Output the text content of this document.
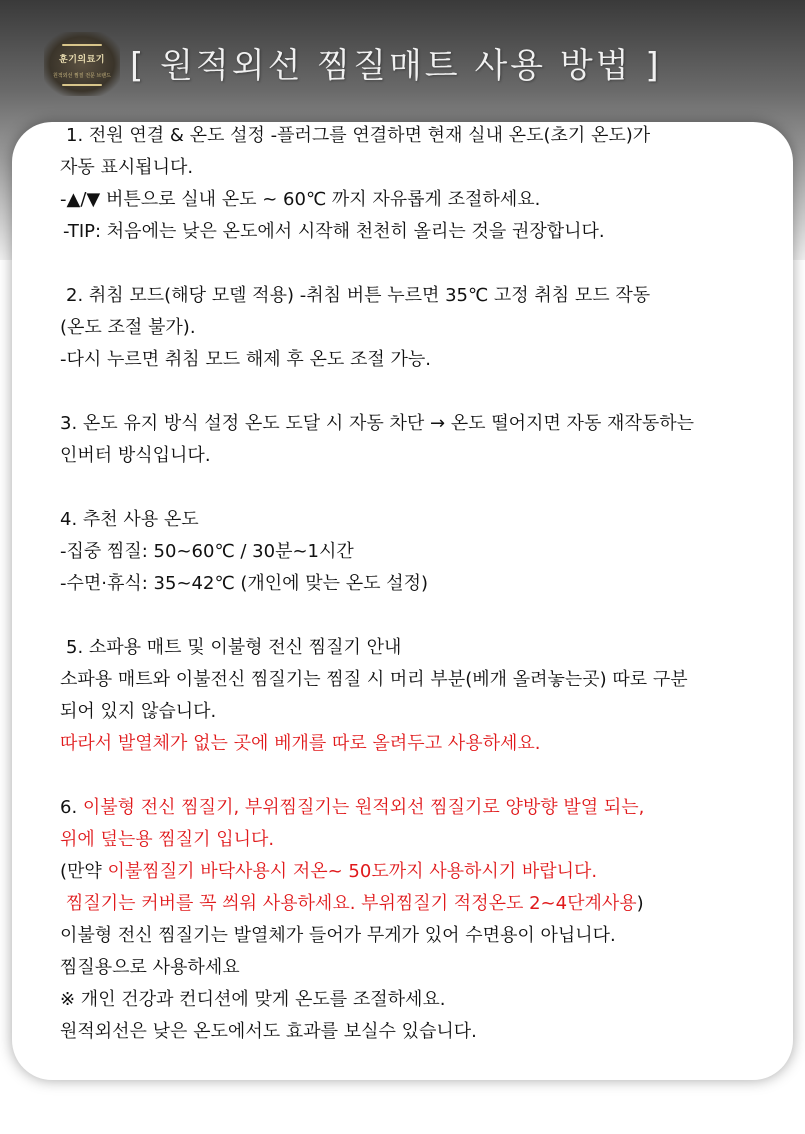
훈기의료기
원적외선 찜질 전문 브랜드 [ 원적외선 찜질매트 사용 방법 ]
1. 전원 연결 & 온도 설정 -플러그를 연결하면 현재 실내 온도(초기 온도)가
자동 표시됩니다.
-▲/▼ 버튼으로 실내 온도 ~ 60℃ 까지 자유롭게 조절하세요.
-TIP: 처음에는 낮은 온도에서 시작해 천천히 올리는 것을 권장합니다.
2. 취침 모드(해당 모델 적용) -취침 버튼 누르면 35℃ 고정 취침 모드 작동
(온도 조절 불가).
-다시 누르면 취침 모드 해제 후 온도 조절 가능.
3. 온도 유지 방식 설정 온도 도달 시 자동 차단 → 온도 떨어지면 자동 재작동하는
인버터 방식입니다.
4. 추천 사용 온도
-집중 찜질: 50~60℃ / 30분~1시간
-수면·휴식: 35~42℃ (개인에 맞는 온도 설정)
5. 소파용 매트 및 이불형 전신 찜질기 안내
소파용 매트와 이불전신 찜질기는 찜질 시 머리 부분(베개 올려놓는곳) 따로 구분
되어 있지 않습니다.
따라서 발열체가 없는 곳에 베개를 따로 올려두고 사용하세요.
6. 이불형 전신 찜질기, 부위찜질기는 원적외선 찜질기로 양방향 발열 되는,
위에 덮는용 찜질기 입니다.
(만약 이불찜질기 바닥사용시 저온~ 50도까지 사용하시기 바랍니다.
찜질기는 커버를 꼭 씌워 사용하세요. 부위찜질기 적정온도 2~4단계사용)
이불형 전신 찜질기는 발열체가 들어가 무게가 있어 수면용이 아닙니다.
찜질용으로 사용하세요
※ 개인 건강과 컨디션에 맞게 온도를 조절하세요.
원적외선은 낮은 온도에서도 효과를 보실수 있습니다.
